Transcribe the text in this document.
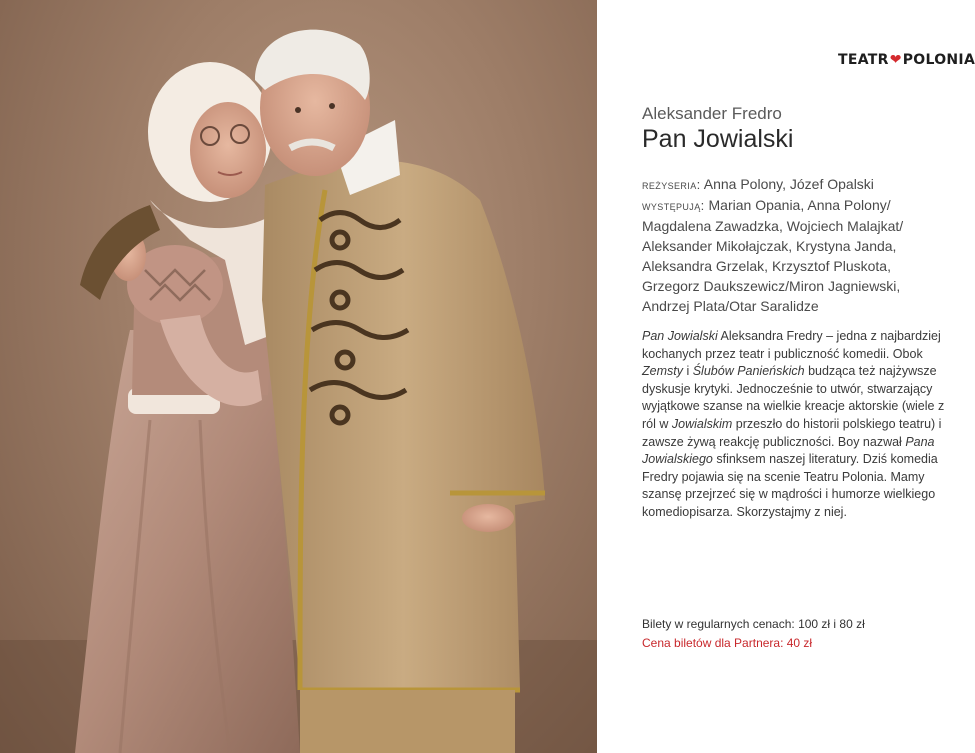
TEATR ❤ POLONIA
Aleksander Fredro
Pan Jowialski
reżyseria: Anna Polony, Józef Opalski
występują: Marian Opania, Anna Polony/ Magdalena Zawadzka, Wojciech Malajkat/ Aleksander Mikołajczak, Krystyna Janda, Aleksandra Grzelak, Krzysztof Pluskota, Grzegorz Daukszewicz/Miron Jagniewski, Andrzej Plata/Otar Saralidze
Pan Jowialski Aleksandra Fredry – jedna z najbardziej kochanych przez teatr i publiczność komedii. Obok Zemsty i Ślubów Panieńskich budząca też najżywsze dyskusje krytyki. Jednocześnie to utwór, stwarzający wyjątkowe szanse na wielkie kreacje aktorskie (wiele z ról w Jowialskim przeszło do historii polskiego teatru) i zawsze żywą reakcję publiczności. Boy nazwał Pana Jowialskiego sfinksem naszej literatury. Dziś komedia Fredry pojawia się na scenie Teatru Polonia. Mamy szansę przejrzeć się w mądrości i humorze wielkiego komediopisarza. Skorzystajmy z niej.
Bilety w regularnych cenach: 100 zł i 80 zł
Cena biletów dla Partnera: 40 zł
